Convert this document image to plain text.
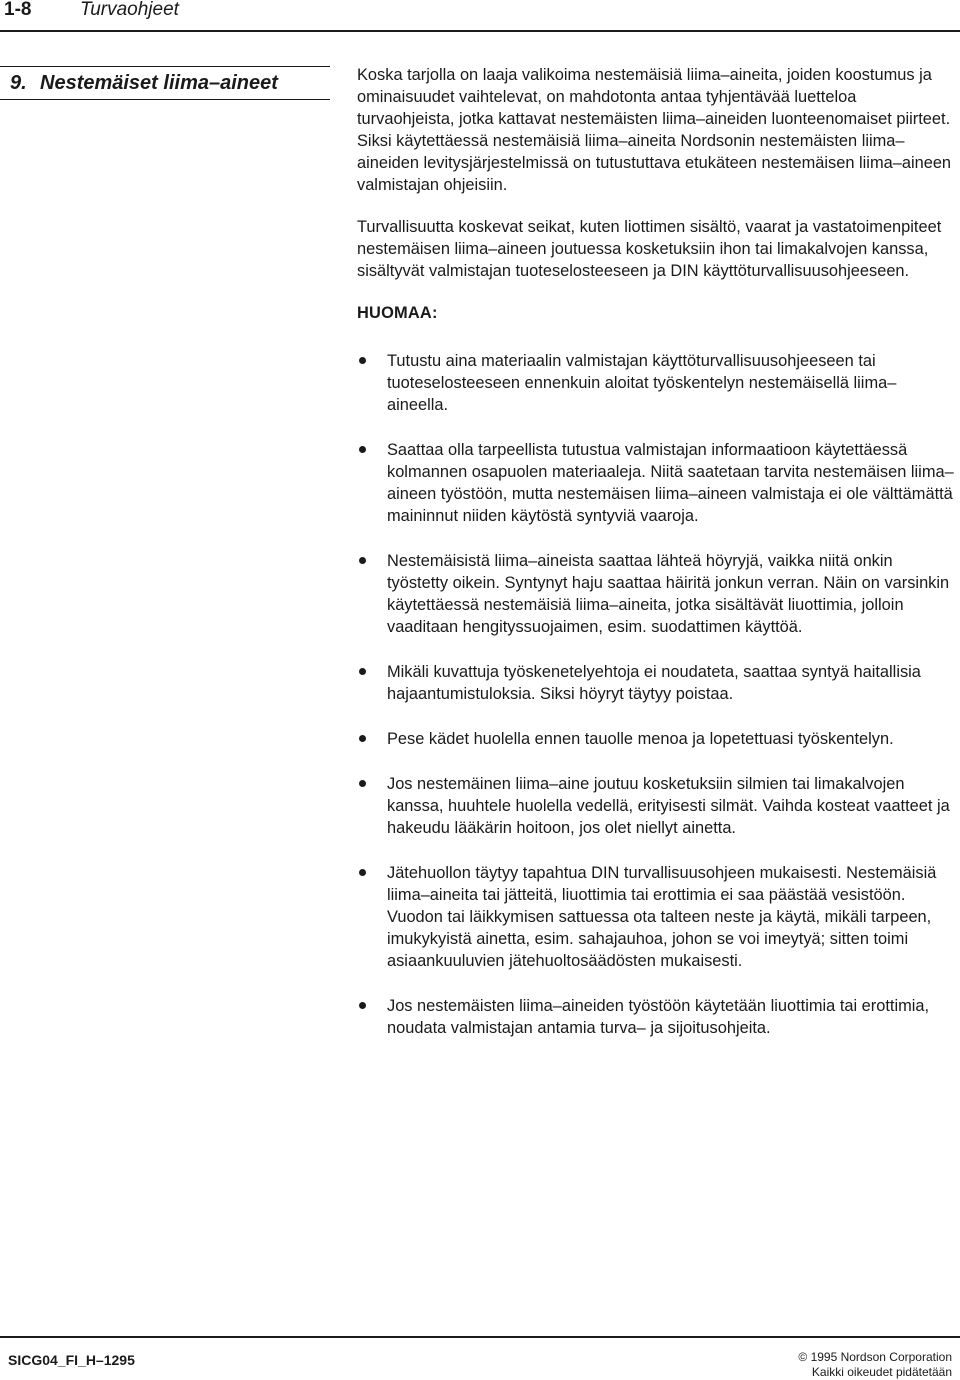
1-8	Turvaohjeet
9. Nestemäiset liima–aineet	Koska tarjolla on laaja valikoima nestemäisiä liima–aineita, joiden koostumus ja ominaisuudet vaihtelevat, on mahdotonta antaa tyhjentävää luetteloa turvaohjeista, jotka kattavat nestemäisten liima–aineiden luonteenomaiset piirteet. Siksi käytettäessä nestemäisiä liima–aineita Nordsonin nestemäisten liima–aineiden levitysjärjestelmissä on tutustuttava etukäteen nestemäisen liima–aineen valmistajan ohjeisiin.

Turvallisuutta koskevat seikat, kuten liottimen sisältö, vaarat ja vastatoimenpiteet nestemäisen liima–aineen joutuessa kosketuksiin ihon tai limakalvojen kanssa, sisältyvät valmistajan tuoteselosteeseen ja DIN käyttöturvallisuusohjeeseen.

HUOMAA:
Tutustu aina materiaalin valmistajan käyttöturvallisuusohjeeseen tai tuoteselosteeseen ennenkuin aloitat työskentelyn nestemäisellä liima–aineella.
Saattaa olla tarpeellista tutustua valmistajan informaatioon käytettäessä kolmannen osapuolen materiaaleja. Niitä saatetaan tarvita nestemäisen liima–aineen työstöön, mutta nestemäisen liima–aineen valmistaja ei ole välttämättä maininnut niiden käytöstä syntyviä vaaroja.
Nestemäisistä liima–aineista saattaa lähteä höyryjä, vaikka niitä onkin työstetty oikein. Syntynyt haju saattaa häiritä jonkun verran. Näin on varsinkin käytettäessä nestemäisiä liima–aineita, jotka sisältävät liuottimia, jolloin vaaditaan hengityssuojaimen, esim. suodattimen käyttöä.
Mikäli kuvattuja työskenetelyehtoja ei noudateta, saattaa syntyä haitallisia hajaantumistuloksia. Siksi höyryt täytyy poistaa.
Pese kädet huolella ennen tauolle menoa ja lopetettuasi työskentelyn.
Jos nestemäinen liima–aine joutuu kosketuksiin silmien tai limakalvojen kanssa, huuhtele huolella vedellä, erityisesti silmät. Vaihda kosteat vaatteet ja hakeudu lääkärin hoitoon, jos olet niellyt ainetta.
Jätehuollon täytyy tapahtua DIN turvallisuusohjeen mukaisesti. Nestemäisiä liima–aineita tai jätteitä, liuottimia tai erottimia ei saa päästää vesistöön. Vuodon tai läikkymisen sattuessa ota talteen neste ja käytä, mikäli tarpeen, imukykyistä ainetta, esim. sahajauhoa, johon se voi imeytyä; sitten toimi asiaankuuluvien jätehuoltosäädösten mukaisesti.
Jos nestemäisten liima–aineiden työstöön käytetään liuottimia tai erottimia, noudata valmistajan antamia turva– ja sijoitusohjeita.
SICG04_FI_H–1295	© 1995 Nordson Corporation
Kaikki oikeudet pidätetään
